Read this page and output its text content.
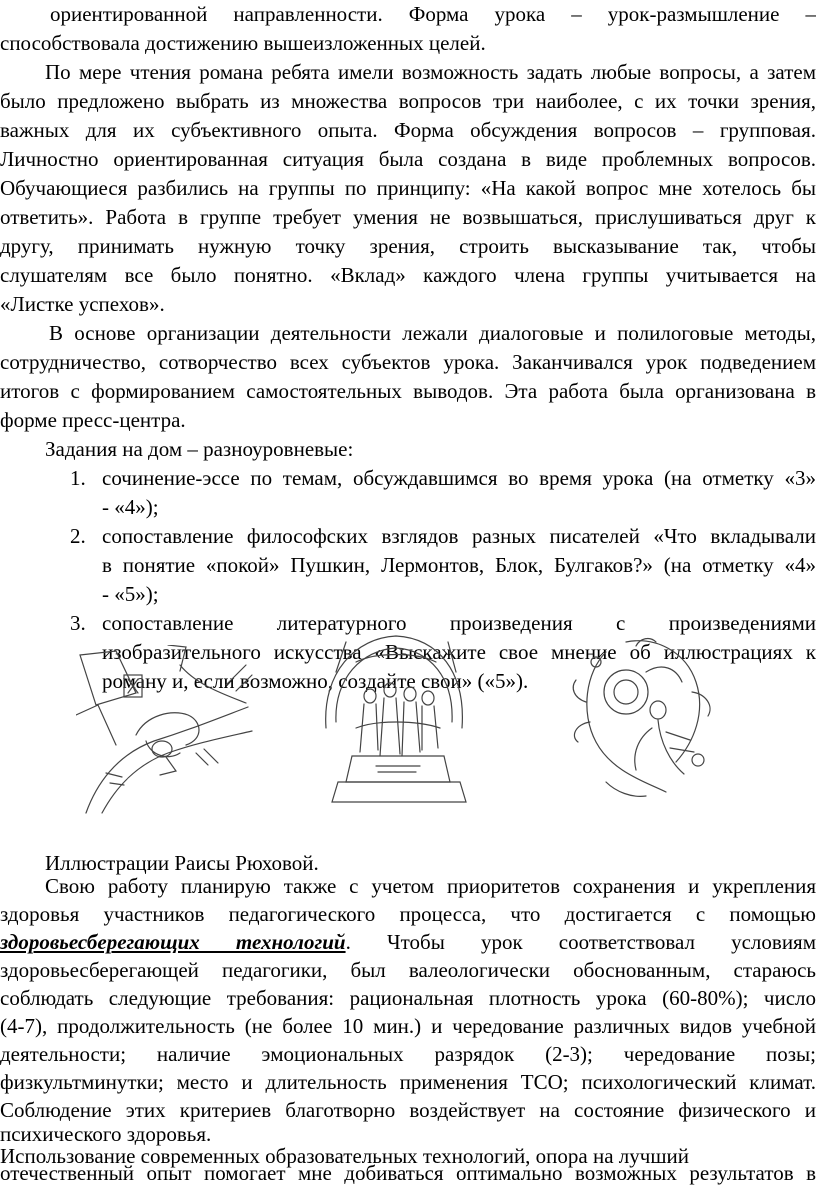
ориентированной направленности. Форма урока – урок-размышление –
способствовала достижению вышеизложенных целей.
По мере чтения романа ребята имели возможность задать любые вопросы, а затем
было предложено выбрать из множества вопросов три наиболее, с их точки зрения,
важных для их субъективного опыта. Форма обсуждения вопросов – групповая.
Личностно ориентированная ситуация была создана в виде проблемных вопросов.
Обучающиеся разбились на группы по принципу: «На какой вопрос мне хотелось бы
ответить». Работа в группе требует умения не возвышаться, прислушиваться друг к
другу, принимать нужную точку зрения, строить высказывание так, чтобы
слушателям все было понятно. «Вклад» каждого члена группы учитывается на
«Листке успехов».
В основе организации деятельности лежали диалоговые и полилоговые методы,
сотрудничество, сотворчество всех субъектов урока. Заканчивался урок подведением
итогов с формированием самостоятельных выводов. Эта работа была организована в
форме пресс-центра.
Задания на дом – разноуровневые:
1. сочинение-эссе по темам, обсуждавшимся во время урока (на отметку «3»
- «4»);
2. сопоставление философских взглядов разных писателей «Что вкладывали
в понятие «покой» Пушкин, Лермонтов, Блок, Булгаков?» (на отметку «4»
- «5»);
3. сопоставление литературного произведения с произведениями
изобразительного искусства «Выскажите свое мнение об иллюстрациях к
роману и, если возможно, создайте свои» («5»).
Иллюстрации Раисы Рюховой.
Свою работу планирую также с учетом приоритетов сохранения и укрепления
здоровья участников педагогического процесса, что достигается с помощью
здоровьесберегающих технологий. Чтобы урок соответствовал условиям
здоровьесберегающей педагогики, был валеологически обоснованным, стараюсь
соблюдать следующие требования: рациональная плотность урока (60-80%); число
(4-7), продолжительность (не более 10 мин.) и чередование различных видов учебной
деятельности; наличие эмоциональных разрядок (2-3); чередование позы;
физкультминутки; место и длительность применения ТСО; психологический климат.
Соблюдение этих критериев благотворно воздействует на состояние физического и
психического здоровья.
Использование современных образовательных технологий, опора на лучший
отечественный опыт помогает мне добиваться оптимально возможных результатов в
